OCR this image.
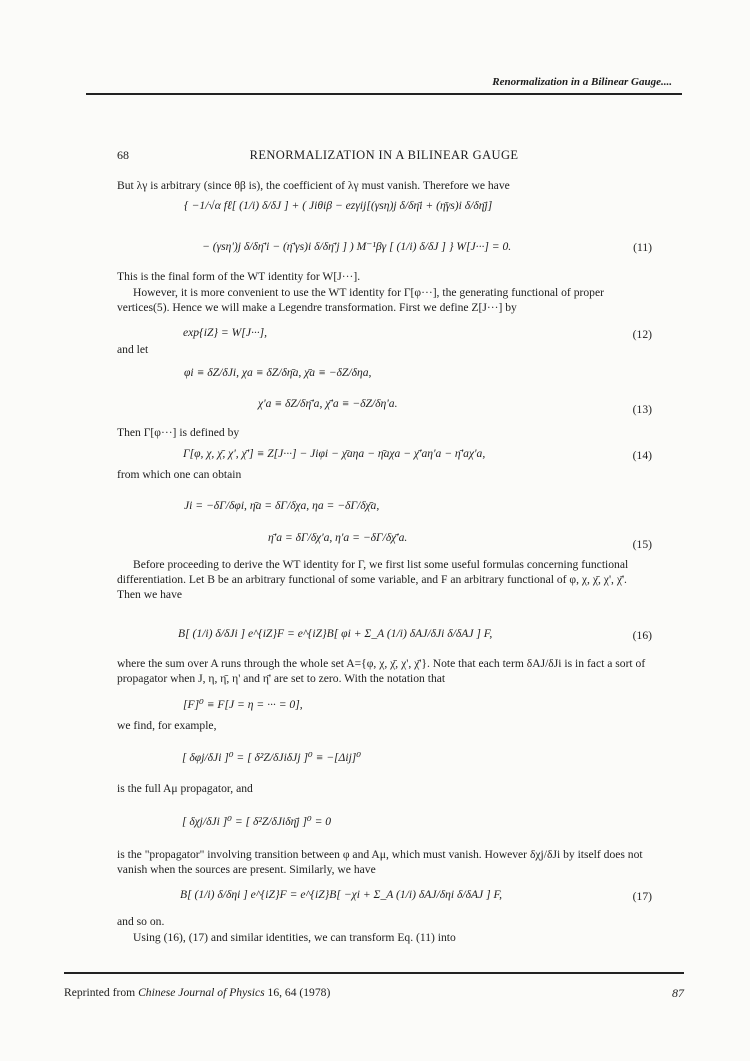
Renormalization in a Bilinear Gauge....
68	RENORMALIZATION IN A BILINEAR GAUGE
But λγ is arbitrary (since θβ is), the coefficient of λγ must vanish. Therefore we have
{ −1/√α fℓ[ (1/i) δ/δJ ] + ( Jiθiβ − ezγij[(γsη)j δ/δη̄i + (η̄γs)i δ/δη̄j]
− (γsη')j δ/δη̄'i − (η̄'γs)i δ/δη̄'j ] ) M⁻¹βγ [ (1/i) δ/δJ ] } W[J···] = 0.	(11)
This is the final form of the WT identity for W[J···].
However, it is more convenient to use the WT identity for Γ[φ···], the generating functional of proper vertices(5). Hence we will make a Legendre transformation. First we define Z[J···] by
exp{iZ} = W[J···],	(12)
and let
φi ≡ δZ/δJi, χa ≡ δZ/δη̄a, χ̄a ≡ −δZ/δηa,
χ'a ≡ δZ/δη̄'a, χ̄'a ≡ −δZ/δη'a.	(13)
Then Γ[φ···] is defined by
Γ[φ, χ, χ̄, χ', χ̄'] ≡ Z[J···] − Jiφi − χ̄aηa − η̄aχa − χ̄'aη'a − η̄'aχ'a,	(14)
from which one can obtain
Ji = −δΓ/δφi, η̄a = δΓ/δχa, ηa = −δΓ/δχ̄a,
η̄'a = δΓ/δχ'a, η'a = −δΓ/δχ̄'a.
(15)
Before proceeding to derive the WT identity for Γ, we first list some useful formulas concerning functional differentiation. Let B be an arbitrary functional of some variable, and F an arbitrary functional of φ, χ, χ̄, χ', χ̄'. Then we have
B[ (1/i) δ/δJi ] e^{iZ}F = e^{iZ}B[ φi + Σ_A (1/i) δAJ/δJi δ/δAJ ] F,	(16)
where the sum over A runs through the whole set A={φ, χ, χ̄, χ', χ̄'}. Note that each term δAJ/δJi is in fact a sort of propagator when J, η, η̄, η' and η̄' are set to zero. With the notation that
[F]⁰ ≡ F[J = η = ··· = 0],
we find, for example,
[ δφj/δJi ]⁰ = [ δ²Z/δJiδJj ]⁰ ≡ −[Δij]⁰
is the full Aμ propagator, and
[ δχj/δJi ]⁰ = [ δ²Z/δJiδη̄j ]⁰ = 0
is the "propagator" involving transition between φ and Aμ, which must vanish. However δχj/δJi by itself does not vanish when the sources are present. Similarly, we have
B[ (1/i) δ/δηi ] e^{iZ}F = e^{iZ}B[ −χi + Σ_A (1/i) δAJ/δηi δ/δAJ ] F,	(17)
and so on.
Using (16), (17) and similar identities, we can transform Eq. (11) into
Reprinted from Chinese Journal of Physics 16, 64 (1978)	87
